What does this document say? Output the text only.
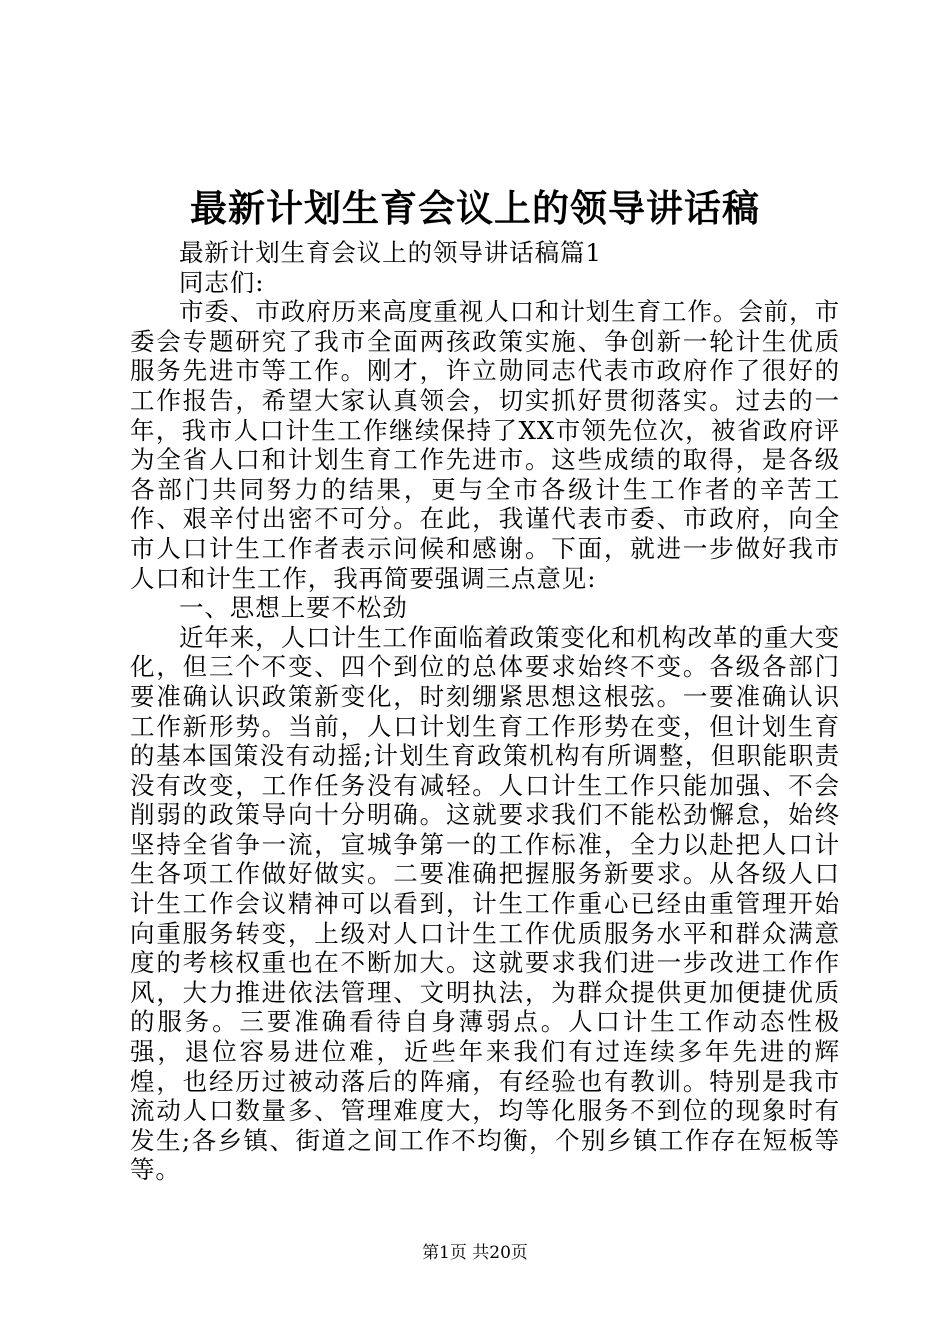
最新计划生育会议上的领导讲话稿

最新计划生育会议上的领导讲话稿篇1

同志们:

市委、市政府历来高度重视人口和计划生育工作。会前，市委会专题研究了我市全面两孩政策实施、争创新一轮计生优质服务先进市等工作。刚才，许立勋同志代表市政府作了很好的工作报告，希望大家认真领会，切实抓好贯彻落实。过去的一年，我市人口计生工作继续保持了XX市领先位次，被省政府评为全省人口和计划生育工作先进市。这些成绩的取得，是各级各部门共同努力的结果，更与全市各级计生工作者的辛苦工作、艰辛付出密不可分。在此，我谨代表市委、市政府，向全市人口计生工作者表示问候和感谢。下面，就进一步做好我市人口和计生工作，我再简要强调三点意见:

一、思想上要不松劲

近年来，人口计生工作面临着政策变化和机构改革的重大变化，但三个不变、四个到位的总体要求始终不变。各级各部门要准确认识政策新变化，时刻绷紧思想这根弦。一要准确认识工作新形势。当前，人口计划生育工作形势在变，但计划生育的基本国策没有动摇;计划生育政策机构有所调整，但职能职责没有改变，工作任务没有减轻。人口计生工作只能加强、不会削弱的政策导向十分明确。这就要求我们不能松劲懈怠，始终坚持全省争一流，宣城争第一的工作标准，全力以赴把人口计生各项工作做好做实。二要准确把握服务新要求。从各级人口计生工作会议精神可以看到，计生工作重心已经由重管理开始向重服务转变，上级对人口计生工作优质服务水平和群众满意度的考核权重也在不断加大。这就要求我们进一步改进工作作风，大力推进依法管理、文明执法，为群众提供更加便捷优质的服务。三要准确看待自身薄弱点。人口计生工作动态性极强，退位容易进位难，近些年来我们有过连续多年先进的辉煌，也经历过被动落后的阵痛，有经验也有教训。特别是我市流动人口数量多、管理难度大，均等化服务不到位的现象时有发生;各乡镇、街道之间工作不均衡，个别乡镇工作存在短板等等。

第1页 共20页
